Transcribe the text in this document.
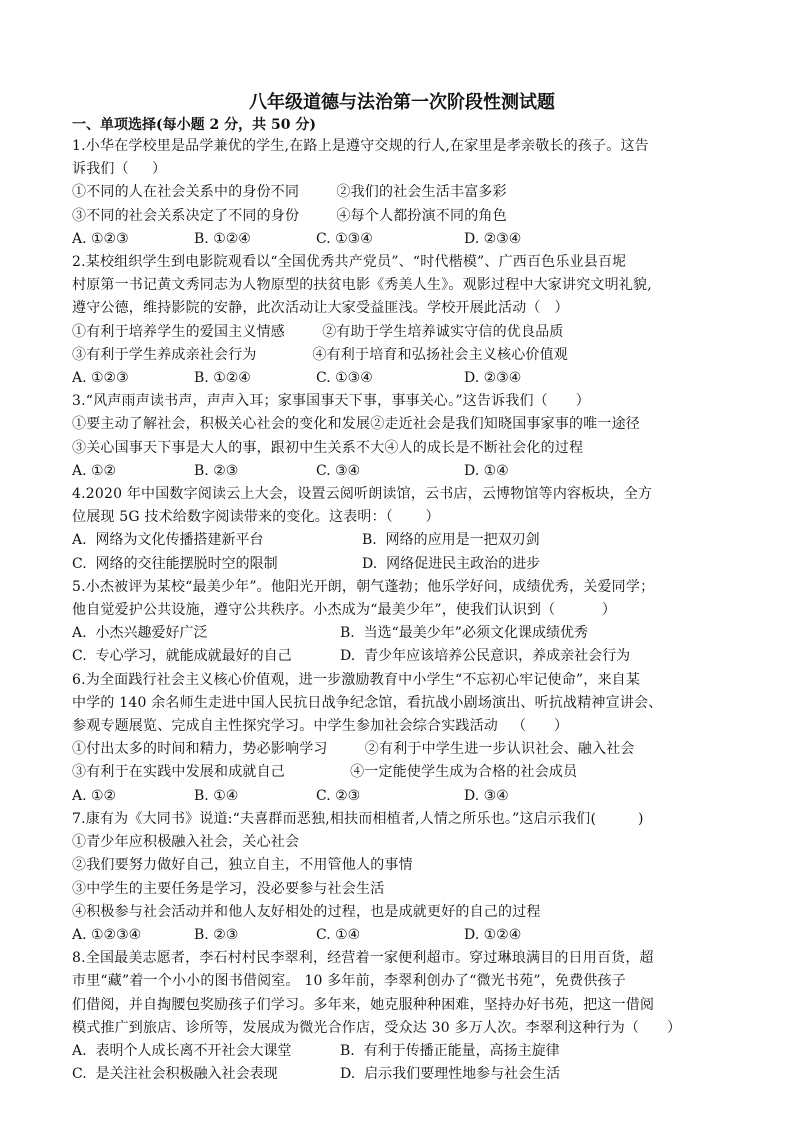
八年级道德与法治第一次阶段性测试题
一、单项选择(每小题 2 分，共 50 分)
1.小华在学校里是品学兼优的学生,在路上是遵守交规的行人,在家里是孝亲敬长的孩子。这告
诉我们（     ）
①不同的人在社会关系中的身份不同        ②我们的社会生活丰富多彩
③不同的社会关系决定了不同的身份        ④每个人都扮演不同的角色
A. ①②③	B. ①②④	C. ①③④	D. ②③④
2.某校组织学生到电影院观看以“全国优秀共产党员”、“时代楷模”、广西百色乐业县百坭
村原第一书记黄文秀同志为人物原型的扶贫电影《秀美人生》。观影过程中大家讲究文明礼貌,
遵守公德，维持影院的安静，此次活动让大家受益匪浅。学校开展此活动（   ）
①有利于培养学生的爱国主义情感        ②有助于学生培养诚实守信的优良品质
③有利于学生养成亲社会行为            ④有利于培育和弘扬社会主义核心价值观
A. ①②③	B. ①②④	C. ①③④	D. ②③④
3.“风声雨声读书声，声声入耳；家事国事天下事，事事关心。”这告诉我们（      ）
①要主动了解社会，积极关心社会的变化和发展②走近社会是我们知晓国事家事的唯一途径
③关心国事天下事是大人的事，跟初中生关系不大④人的成长是不断社会化的过程
A. ①②	B. ②③	C. ③④	D. ①④
4.2020 年中国数字阅读云上大会，设置云阅听朗读馆，云书店，云博物馆等内容板块，全方
位展现 5G 技术给数字阅读带来的变化。这表明：（       ）
A.  网络为文化传播搭建新平台	B.  网络的应用是一把双刃剑
C.  网络的交往能摆脱时空的限制	D.  网络促进民主政治的进步
5.小杰被评为某校“最美少年”。他阳光开朗，朝气蓬勃；他乐学好问，成绩优秀，关爱同学；
他自觉爱护公共设施，遵守公共秩序。小杰成为“最美少年”，使我们认识到（          ）
A.  小杰兴趣爱好广泛	B.  当选“最美少年”必须文化课成绩优秀
C.  专心学习，就能成就最好的自己	D.  青少年应该培养公民意识，养成亲社会行为
6.为全面践行社会主义核心价值观，进一步激励教育中小学生“不忘初心牢记使命”，来自某
中学的 140 余名师生走进中国人民抗日战争纪念馆，看抗战小剧场演出、听抗战精神宣讲会、
参观专题展览、完成自主性探究学习。中学生参加社会综合实践活动   （      ）
①付出太多的时间和精力，势必影响学习        ②有利于中学生进一步认识社会、融入社会
③有利于在实践中发展和成就自己              ④一定能使学生成为合格的社会成员
A. ①②	B. ①④	C. ②③	D. ③④
7.康有为《大同书》说道:“夫喜群而恶独,相扶而相植者,人情之所乐也。”这启示我们(         )
①青少年应积极融入社会，关心社会
②我们要努力做好自己，独立自主，不用管他人的事情
③中学生的主要任务是学习，没必要参与社会生活
④积极参与社会活动并和他人友好相处的过程，也是成就更好的自己的过程
A. ①②③④	B. ②③	C. ①④	D. ①②④
8.全国最美志愿者，李石村村民李翠利，经营着一家便利超市。穿过琳琅满目的日用百货，超
市里“藏”着一个小小的图书借阅室。 10 多年前，李翠利创办了“微光书苑”，免费供孩子
们借阅，并自掏腰包奖励孩子们学习。多年来，她克服种种困难，坚持办好书苑，把这一借阅
模式推广到旅店、诊所等，发展成为微光合作店，受众达 30 多万人次。李翠利这种行为（      ）
A.  表明个人成长离不开社会大课堂	B.  有利于传播正能量，高扬主旋律
C.  是关注社会积极融入社会表现	D.  启示我们要理性地参与社会生活
